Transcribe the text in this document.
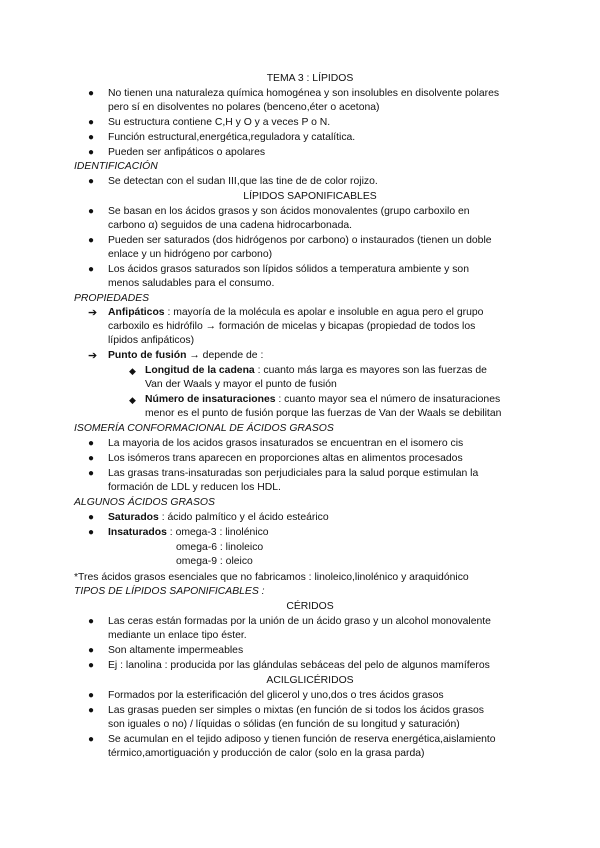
TEMA 3 : LÍPIDOS
● No tienen una naturaleza química homogénea y son insolubles en disolvente polares
pero sí en disolventes no polares (benceno,éter o acetona)
● Su estructura contiene C,H y O y a veces P o N.
● Función estructural,energética,reguladora y catalítica.
● Pueden ser anfipáticos o apolares
IDENTIFICACIÓN
● Se detectan con el sudan III,que las tine de de color rojizo.
LÍPIDOS SAPONIFICABLES
● Se basan en los ácidos grasos y son ácidos monovalentes (grupo carboxilo en
carbono α) seguidos de una cadena hidrocarbonada.
● Pueden ser saturados (dos hidrógenos por carbono) o instaurados (tienen un doble
enlace y un hidrógeno por carbono)
● Los ácidos grasos saturados son lípidos sólidos a temperatura ambiente y son
menos saludables para el consumo.
PROPIEDADES
➔ Anfipáticos : mayoría de la molécula es apolar e insoluble en agua pero el grupo
carboxilo es hidrófilo → formación de micelas y bicapas (propiedad de todos los
lípidos anfipáticos)
➔ Punto de fusión → depende de :
◆ Longitud de la cadena : cuanto más larga es mayores son las fuerzas de
Van der Waals y mayor el punto de fusión
◆ Número de insaturaciones : cuanto mayor sea el número de insaturaciones
menor es el punto de fusión porque las fuerzas de Van der Waals se debilitan
ISOMERÍA CONFORMACIONAL DE ÁCIDOS GRASOS
● La mayoria de los acidos grasos insaturados se encuentran en el isomero cis
● Los isómeros trans aparecen en proporciones altas en alimentos procesados
● Las grasas trans-insaturadas son perjudiciales para la salud porque estimulan la
formación de LDL y reducen los HDL.
ALGUNOS ÁCIDOS GRASOS
● Saturados : ácido palmítico y el ácido esteárico
● Insaturados : omega-3 : linolénico
omega-6 : linoleico
omega-9 : oleico
*Tres ácidos grasos esenciales que no fabricamos : linoleico,linolénico y araquidónico
TIPOS DE LÍPIDOS SAPONIFICABLES :
CÉRIDOS
● Las ceras están formadas por la unión de un ácido graso y un alcohol monovalente
mediante un enlace tipo éster.
● Son altamente impermeables
● Ej : lanolina : producida por las glándulas sebáceas del pelo de algunos mamíferos
ACILGLICÉRIDOS
● Formados por la esterificación del glicerol y uno,dos o tres ácidos grasos
● Las grasas pueden ser simples o mixtas (en función de si todos los ácidos grasos
son iguales o no) / líquidas o sólidas (en función de su longitud y saturación)
● Se acumulan en el tejido adiposo y tienen función de reserva energética,aislamiento
térmico,amortiguación y producción de calor (solo en la grasa parda)
